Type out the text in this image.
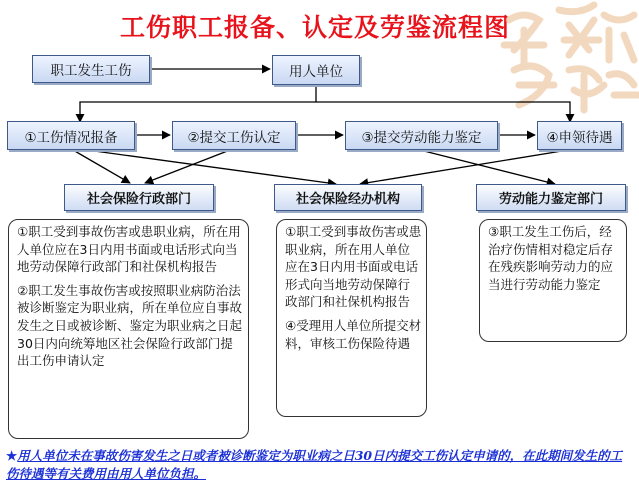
工伤职工报备、认定及劳鉴流程图
职工发生工伤	用人单位
①工伤情况报备	②提交工伤认定	③提交劳动能力鉴定	④申领待遇
社会保险行政部门	社会保险经办机构	劳动能力鉴定部门

①职工受到事故伤害或患职业病，所在用人单位应在3日内用书面或电话形式向当地劳动保障行政部门和社保机构报告

②职工发生事故伤害或按照职业病防治法被诊断鉴定为职业病，所在单位应自事故发生之日或被诊断、鉴定为职业病之日起30日内向统筹地区社会保险行政部门提出工伤申请认定

①职工受到事故伤害或患职业病，所在用人单位应在3日内用书面或电话形式向当地劳动保障行政部门和社保机构报告

④受理用人单位所提交材料，审核工伤保险待遇

③职工发生工伤后，经治疗伤情相对稳定后存在残疾影响劳动力的应当进行劳动能力鉴定

★用人单位未在事故伤害发生之日或者被诊断鉴定为职业病之日30日内提交工伤认定申请的，在此期间发生的工伤待遇等有关费用由用人单位负担。
